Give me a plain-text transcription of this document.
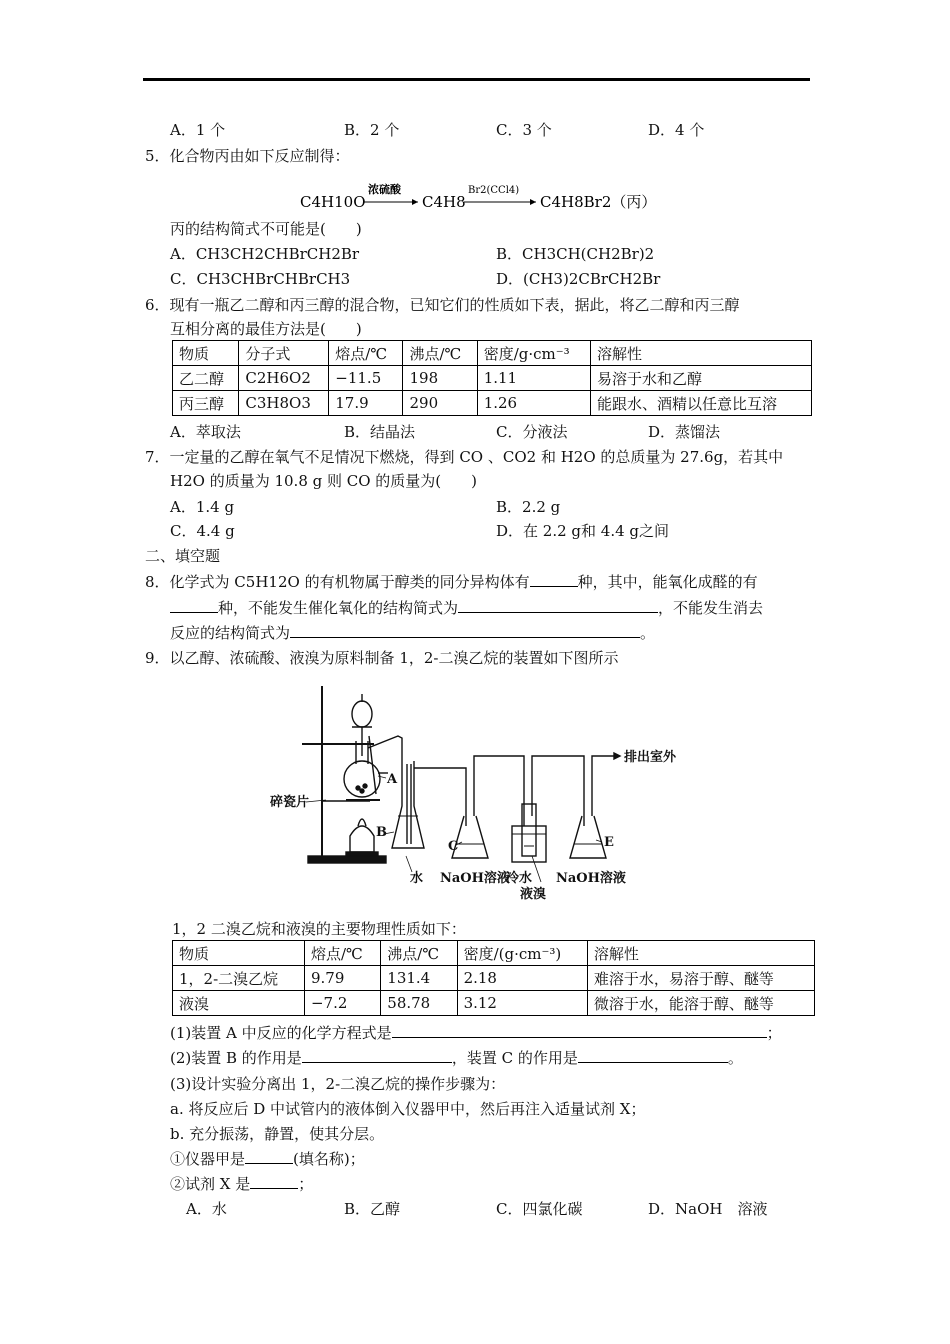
A．1 个	B．2 个	C．3 个	D．4 个
5．化合物丙由如下反应制得：
C4H10O
浓硫酸
C4H8
Br2(CCl4)
C4H8Br2（丙）
丙的结构简式不可能是(　　)
A．CH3CH2CHBrCH2Br	B．CH3CH(CH2Br)2
C．CH3CHBrCHBrCH3	D．(CH3)2CBrCH2Br
6．现有一瓶乙二醇和丙三醇的混合物，已知它们的性质如下表，据此，将乙二醇和丙三醇
互相分离的最佳方法是(　　)
物质	分子式	熔点/℃	沸点/℃	密度/g·cm⁻³	溶解性
乙二醇	C2H6O2	−11.5	198	1.11	易溶于水和乙醇
丙三醇	C3H8O3	17.9	290	1.26	能跟水、酒精以任意比互溶
A．萃取法	B．结晶法	C．分液法	D．蒸馏法
7．一定量的乙醇在氧气不足情况下燃烧，得到 CO 、CO2 和 H2O 的总质量为 27.6g，若其中
H2O 的质量为 10.8 g 则 CO 的质量为(　　)
A．1.4 g	B．2.2 g
C．4.4 g	D．在 2.2 g和 4.4 g之间
二、填空题
8．化学式为 C5H12O 的有机物属于醇类的同分异构体有	种，其中，能氧化成醛的有
种，不能发生催化氧化的结构简式为	，不能发生消去
反应的结构简式为	。
9．以乙醇、浓硫酸、液溴为原料制备 1，2-二溴乙烷的装置如下图所示
碎瓷片
A
B
C	E
排出室外
水 NaOH溶液
冷水 NaOH溶液
液溴
1，2 二溴乙烷和液溴的主要物理性质如下：
物质	熔点/℃	沸点/℃	密度/(g·cm⁻³)	溶解性
1，2-二溴乙烷	9.79	131.4	2.18	难溶于水，易溶于醇、醚等
液溴	−7.2	58.78	3.12	微溶于水，能溶于醇、醚等
(1)装置 A 中反应的化学方程式是	；
(2)装置 B 的作用是	，装置 C 的作用是	。
(3)设计实验分离出 1，2-二溴乙烷的操作步骤为：
a. 将反应后 D 中试管内的液体倒入仪器甲中，然后再注入适量试剂 X；
b. 充分振荡，静置，使其分层。
①仪器甲是	(填名称)；
②试剂 X 是	；
A．水	B．乙醇	C．四氯化碳	D．NaOH　溶液
